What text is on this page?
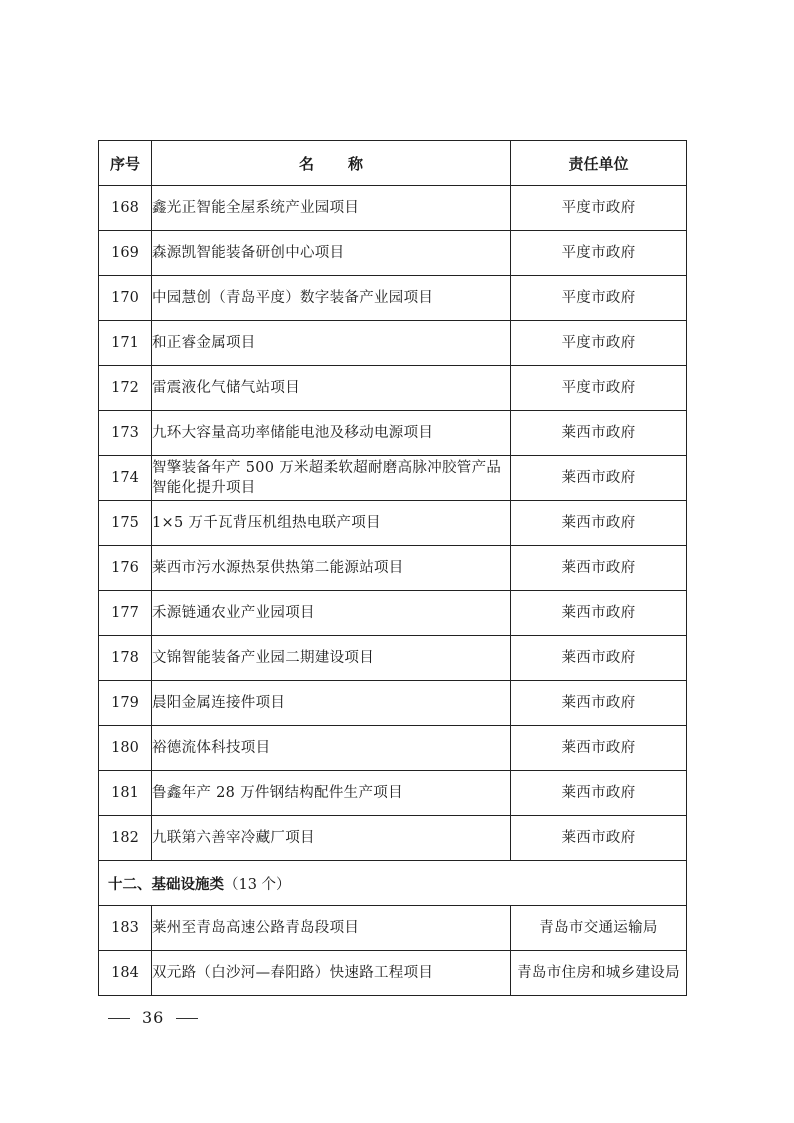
序号	名 称	责任单位
168	鑫光正智能全屋系统产业园项目	平度市政府
169	森源凯智能装备研创中心项目	平度市政府
170	中园慧创（青岛平度）数字装备产业园项目	平度市政府
171	和正睿金属项目	平度市政府
172	雷震液化气储气站项目	平度市政府
173	九环大容量高功率储能电池及移动电源项目	莱西市政府
174	智擎装备年产 500 万米超柔软超耐磨高脉冲胶管产品智能化提升项目	莱西市政府
175	1×5 万千瓦背压机组热电联产项目	莱西市政府
176	莱西市污水源热泵供热第二能源站项目	莱西市政府
177	禾源链通农业产业园项目	莱西市政府
178	文锦智能装备产业园二期建设项目	莱西市政府
179	晨阳金属连接件项目	莱西市政府
180	裕德流体科技项目	莱西市政府
181	鲁鑫年产 28 万件钢结构配件生产项目	莱西市政府
182	九联第六善宰冷藏厂项目	莱西市政府
十二、基础设施类（13 个）		
183	莱州至青岛高速公路青岛段项目	青岛市交通运输局
184	双元路（白沙河—春阳路）快速路工程项目	青岛市住房和城乡建设局
36
